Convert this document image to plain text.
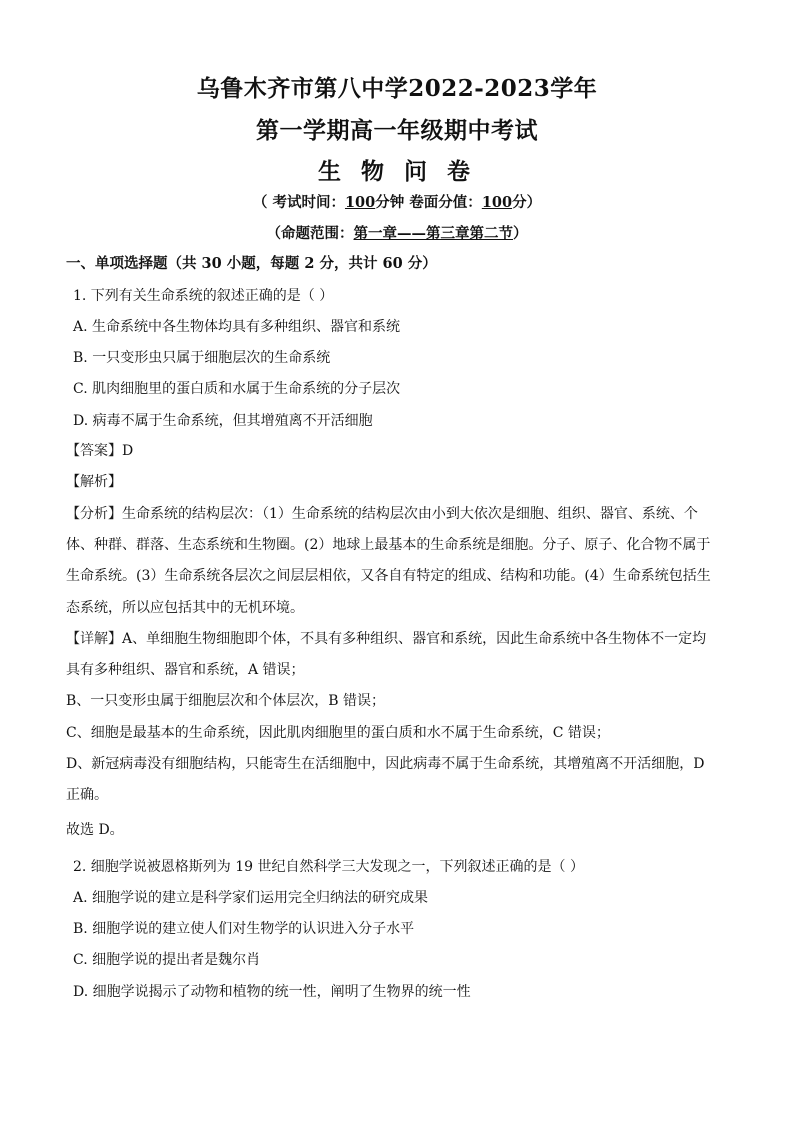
乌鲁木齐市第八中学2022-2023学年
第一学期高一年级期中考试
生 物 问 卷
（ 考试时间：100分钟 卷面分值：100分）
（命题范围：第一章——第三章第二节）
一、单项选择题（共 30 小题，每题 2 分，共计 60 分）
1. 下列有关生命系统的叙述正确的是（ ）
A. 生命系统中各生物体均具有多种组织、器官和系统
B. 一只变形虫只属于细胞层次的生命系统
C. 肌肉细胞里的蛋白质和水属于生命系统的分子层次
D. 病毒不属于生命系统，但其增殖离不开活细胞
【答案】D
【解析】
【分析】生命系统的结构层次：（1）生命系统的结构层次由小到大依次是细胞、组织、器官、系统、个
体、种群、群落、生态系统和生物圈。(2）地球上最基本的生命系统是细胞。分子、原子、化合物不属于
生命系统。(3）生命系统各层次之间层层相依，又各自有特定的组成、结构和功能。(4）生命系统包括生
态系统，所以应包括其中的无机环境。
【详解】A、单细胞生物细胞即个体，不具有多种组织、器官和系统，因此生命系统中各生物体不一定均
具有多种组织、器官和系统，A 错误；
B、一只变形虫属于细胞层次和个体层次，B 错误；
C、细胞是最基本的生命系统，因此肌肉细胞里的蛋白质和水不属于生命系统，C 错误；
D、新冠病毒没有细胞结构，只能寄生在活细胞中，因此病毒不属于生命系统，其增殖离不开活细胞，D
正确。
故选 D。
2. 细胞学说被恩格斯列为 19 世纪自然科学三大发现之一，下列叙述正确的是（ ）
A. 细胞学说的建立是科学家们运用完全归纳法的研究成果
B. 细胞学说的建立使人们对生物学的认识进入分子水平
C. 细胞学说的提出者是魏尔肖
D. 细胞学说揭示了动物和植物的统一性，阐明了生物界的统一性
